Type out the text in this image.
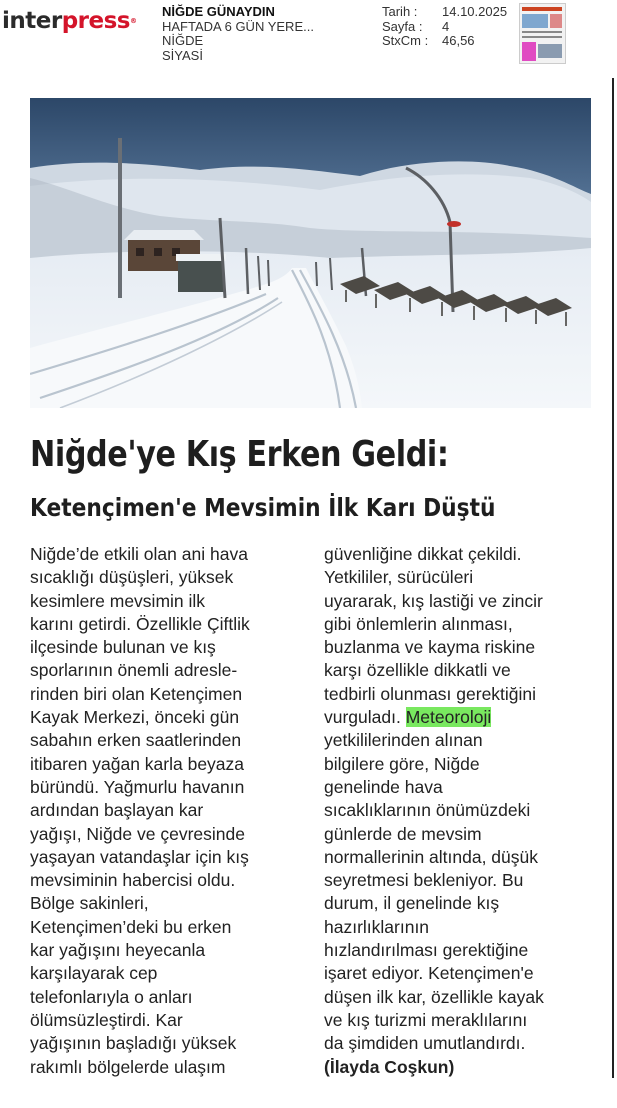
interpress®
NİĞDE GÜNAYDIN
HAFTADA 6 GÜN YERE...
NİĞDE
SİYASİ
Tarih :	14.10.2025
Sayfa :	4
StxCm :	46,56
Niğde'ye Kış Erken Geldi:
Ketençimen'e Mevsimin İlk Karı Düştü
Niğde’de etkili olan ani hava
sıcaklığı düşüşleri, yüksek
kesimlere mevsimin ilk
karını getirdi. Özellikle Çiftlik
ilçesinde bulunan ve kış
sporlarının önemli adresle-
rinden biri olan Ketençimen
Kayak Merkezi, önceki gün
sabahın erken saatlerinden
itibaren yağan karla beyaza
büründü. Yağmurlu havanın
ardından başlayan kar
yağışı, Niğde ve çevresinde
yaşayan vatandaşlar için kış
mevsiminin habercisi oldu.
Bölge sakinleri,
Ketençimen’deki bu erken
kar yağışını heyecanla
karşılayarak cep
telefonlarıyla o anları
ölümsüzleştirdi. Kar
yağışının başladığı yüksek
rakımlı bölgelerde ulaşım
güvenliğine dikkat çekildi.
Yetkililer, sürücüleri
uyararak, kış lastiği ve zincir
gibi önlemlerin alınması,
buzlanma ve kayma riskine
karşı özellikle dikkatli ve
tedbirli olunması gerektiğini
vurguladı. Meteoroloji
yetkililerinden alınan
bilgilere göre, Niğde
genelinde hava
sıcaklıklarının önümüzdeki
günlerde de mevsim
normallerinin altında, düşük
seyretmesi bekleniyor. Bu
durum, il genelinde kış
hazırlıklarının
hızlandırılması gerektiğine
işaret ediyor. Ketençimen'e
düşen ilk kar, özellikle kayak
ve kış turizmi meraklılarını
da şimdiden umutlandırdı.
(İlayda Coşkun)
